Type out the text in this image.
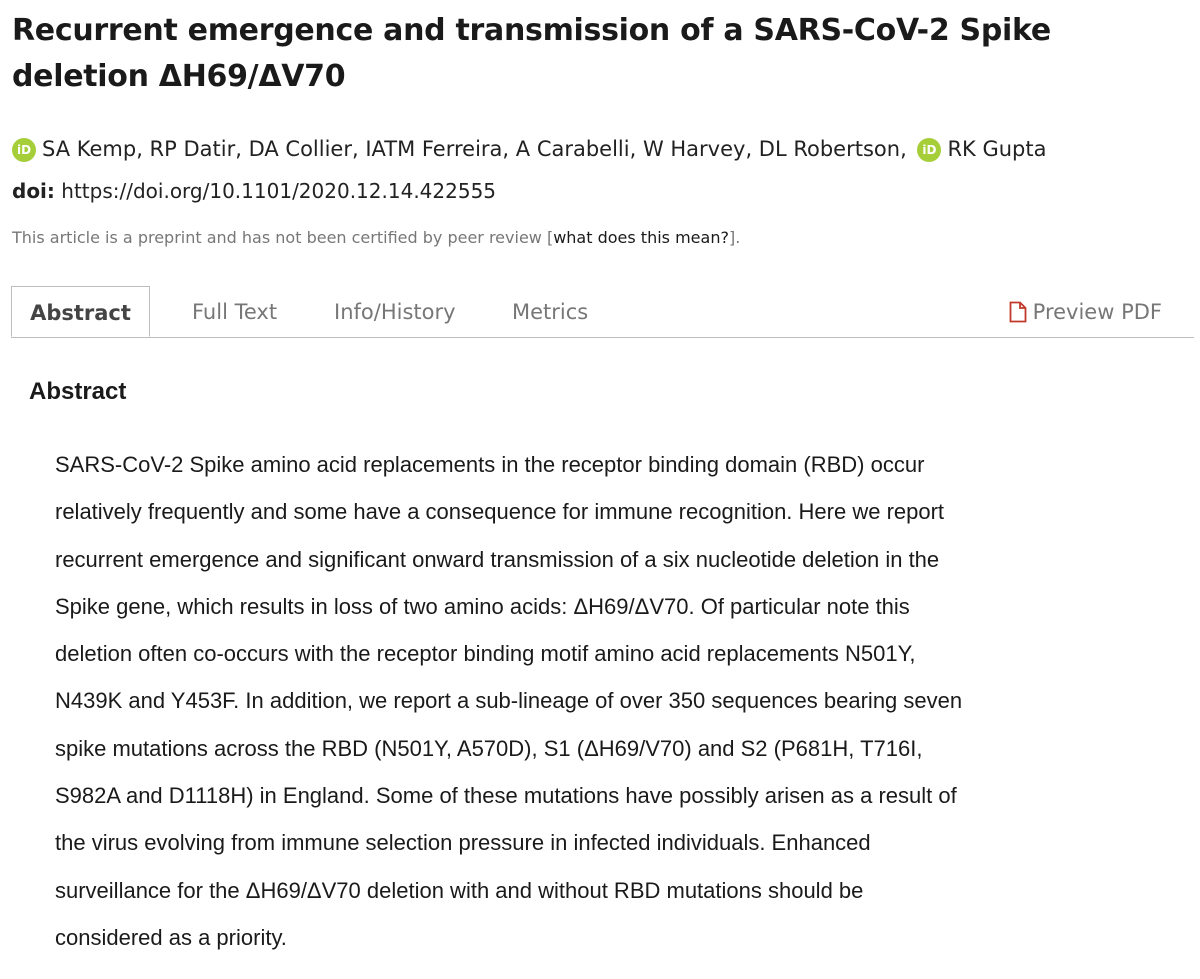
Recurrent emergence and transmission of a SARS-CoV-2 Spike deletion ΔH69/ΔV70
iD SA Kemp, RP Datir, DA Collier, IATM Ferreira, A Carabelli, W Harvey, DL Robertson, iD RK Gupta
doi: https://doi.org/10.1101/2020.12.14.422555
This article is a preprint and has not been certified by peer review [what does this mean?].
Abstract	Full Text	Info/History	Metrics	Preview PDF
Abstract

SARS-CoV-2 Spike amino acid replacements in the receptor binding domain (RBD) occur
relatively frequently and some have a consequence for immune recognition. Here we report
recurrent emergence and significant onward transmission of a six nucleotide deletion in the
Spike gene, which results in loss of two amino acids: ΔH69/ΔV70. Of particular note this
deletion often co-occurs with the receptor binding motif amino acid replacements N501Y,
N439K and Y453F. In addition, we report a sub-lineage of over 350 sequences bearing seven
spike mutations across the RBD (N501Y, A570D), S1 (ΔH69/V70) and S2 (P681H, T716I,
S982A and D1118H) in England. Some of these mutations have possibly arisen as a result of
the virus evolving from immune selection pressure in infected individuals. Enhanced
surveillance for the ΔH69/ΔV70 deletion with and without RBD mutations should be
considered as a priority.
